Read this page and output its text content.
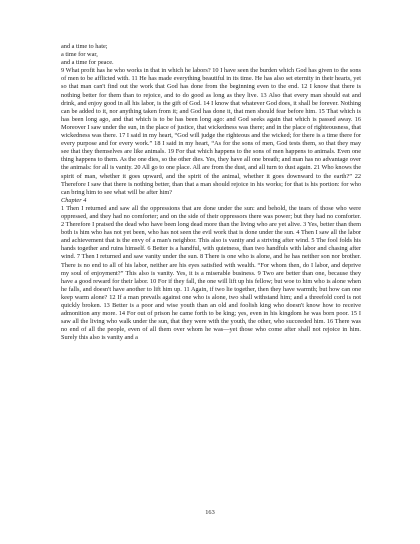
and a time to hate;

a time for war,

and a time for peace.

9 What profit has he who works in that in which he labors? 10 I have seen the burden which God has given to the sons of men to be afflicted with. 11 He has made everything beautiful in its time. He has also set eternity in their hearts, yet so that man can't find out the work that God has done from the beginning even to the end. 12 I know that there is nothing better for them than to rejoice, and to do good as long as they live. 13 Also that every man should eat and drink, and enjoy good in all his labor, is the gift of God. 14 I know that whatever God does, it shall be forever. Nothing can be added to it, nor anything taken from it; and God has done it, that men should fear before him. 15 That which is has been long ago, and that which is to be has been long ago: and God seeks again that which is passed away. 16 Moreover I saw under the sun, in the place of justice, that wickedness was there; and in the place of righteousness, that wickedness was there. 17 I said in my heart, “God will judge the righteous and the wicked; for there is a time there for every purpose and for every work.” 18 I said in my heart, “As for the sons of men, God tests them, so that they may see that they themselves are like animals. 19 For that which happens to the sons of men happens to animals. Even one thing happens to them. As the one dies, so the other dies. Yes, they have all one breath; and man has no advantage over the animals: for all is vanity. 20 All go to one place. All are from the dust, and all turn to dust again. 21 Who knows the spirit of man, whether it goes upward, and the spirit of the animal, whether it goes downward to the earth?” 22 Therefore I saw that there is nothing better, than that a man should rejoice in his works; for that is his portion: for who can bring him to see what will be after him?

Chapter 4

1 Then I returned and saw all the oppressions that are done under the sun: and behold, the tears of those who were oppressed, and they had no comforter; and on the side of their oppressors there was power; but they had no comforter. 2 Therefore I praised the dead who have been long dead more than the living who are yet alive. 3 Yes, better than them both is him who has not yet been, who has not seen the evil work that is done under the sun. 4 Then I saw all the labor and achievement that is the envy of a man's neighbor. This also is vanity and a striving after wind. 5 The fool folds his hands together and ruins himself. 6 Better is a handful, with quietness, than two handfuls with labor and chasing after wind. 7 Then I returned and saw vanity under the sun. 8 There is one who is alone, and he has neither son nor brother. There is no end to all of his labor, neither are his eyes satisfied with wealth. “For whom then, do I labor, and deprive my soul of enjoyment?” This also is vanity. Yes, it is a miserable business. 9 Two are better than one, because they have a good reward for their labor. 10 For if they fall, the one will lift up his fellow; but woe to him who is alone when he falls, and doesn't have another to lift him up. 11 Again, if two lie together, then they have warmth; but how can one keep warm alone? 12 If a man prevails against one who is alone, two shall withstand him; and a threefold cord is not quickly broken. 13 Better is a poor and wise youth than an old and foolish king who doesn't know how to receive admonition any more. 14 For out of prison he came forth to be king; yes, even in his kingdom he was born poor. 15 I saw all the living who walk under the sun, that they were with the youth, the other, who succeeded him. 16 There was no end of all the people, even of all them over whom he was—yet those who come after shall not rejoice in him. Surely this also is vanity and a

163
